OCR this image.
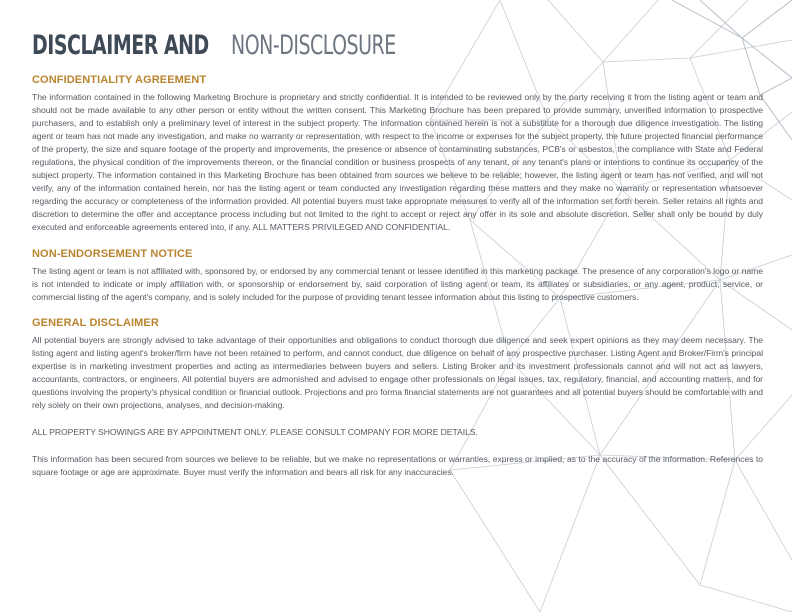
DISCLAIMER AND NON-DISCLOSURE
CONFIDENTIALITY AGREEMENT

The information contained in the following Marketing Brochure is proprietary and strictly confidential. It is intended to be reviewed only by the party receiving it from the listing agent or team and should not be made available to any other person or entity without the written consent. This Marketing Brochure has been prepared to provide summary, unverified information to prospective purchasers, and to establish only a preliminary level of interest in the subject property. The information contained herein is not a substitute for a thorough due diligence investigation. The listing agent or team has not made any investigation, and make no warranty or representation, with respect to the income or expenses for the subject property, the future projected financial performance of the property, the size and square footage of the property and improvements, the presence or absence of contaminating substances, PCB's or asbestos, the compliance with State and Federal regulations, the physical condition of the improvements thereon, or the financial condition or business prospects of any tenant, or any tenant's plans or intentions to continue its occupancy of the subject property. The information contained in this Marketing Brochure has been obtained from sources we believe to be reliable; however, the listing agent or team has not verified, and will not verify, any of the information contained herein, nor has the listing agent or team conducted any investigation regarding these matters and they make no warranty or representation whatsoever regarding the accuracy or completeness of the information provided. All potential buyers must take appropriate measures to verify all of the information set forth herein. Seller retains all rights and discretion to determine the offer and acceptance process including but not limited to the right to accept or reject any offer in its sole and absolute discretion. Seller shall only be bound by duly executed and enforceable agreements entered into, if any. ALL MATTERS PRIVILEGED AND CONFIDENTIAL.

NON-ENDORSEMENT NOTICE

The listing agent or team is not affiliated with, sponsored by, or endorsed by any commercial tenant or lessee identified in this marketing package. The presence of any corporation's logo or name is not intended to indicate or imply affiliation with, or sponsorship or endorsement by, said corporation of listing agent or team, its affiliates or subsidiaries, or any agent, product, service, or commercial listing of the agent's company, and is solely included for the purpose of providing tenant lessee information about this listing to prospective customers.

GENERAL DISCLAIMER

All potential buyers are strongly advised to take advantage of their opportunities and obligations to conduct thorough due diligence and seek expert opinions as they may deem necessary. The listing agent and listing agent's broker/firm have not been retained to perform, and cannot conduct, due diligence on behalf of any prospective purchaser. Listing Agent and Broker/Firm's principal expertise is in marketing investment properties and acting as intermediaries between buyers and sellers. Listing Broker and its investment professionals cannot and will not act as lawyers, accountants, contractors, or engineers. All potential buyers are admonished and advised to engage other professionals on legal issues, tax, regulatory, financial, and accounting matters, and for questions involving the property's physical condition or financial outlook. Projections and pro forma financial statements are not guarantees and all potential buyers should be comfortable with and rely solely on their own projections, analyses, and decision-making.

ALL PROPERTY SHOWINGS ARE BY APPOINTMENT ONLY. PLEASE CONSULT COMPANY FOR MORE DETAILS.

This information has been secured from sources we believe to be reliable, but we make no representations or warranties, express or implied, as to the accuracy of the information. References to square footage or age are approximate. Buyer must verify the information and bears all risk for any inaccuracies.
